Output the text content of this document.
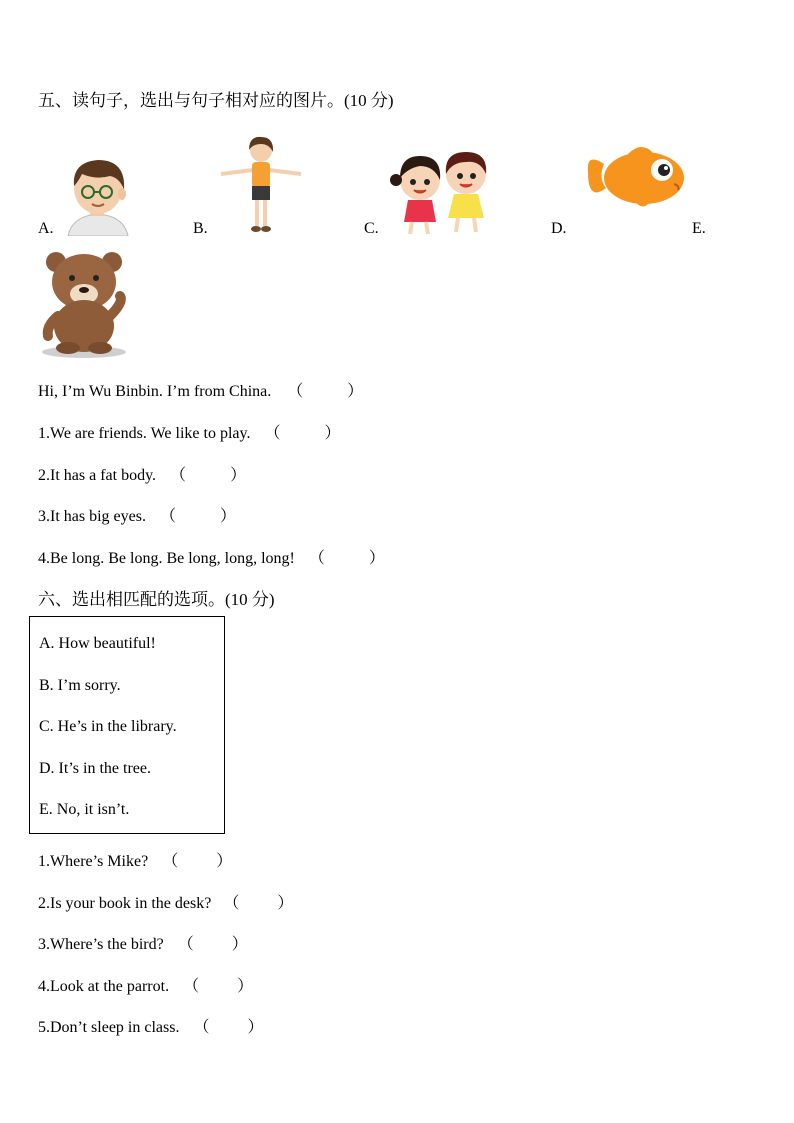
五、读句子，选出与句子相对应的图片。(10 分)
A.	B.	C.	D.	E.
Hi, I’m Wu Binbin. I’m from China. （	）
1.We are friends. We like to play. （	）
2.It has a fat body. （	）
3.It has big eyes. （	）
4.Be long. Be long. Be long, long, long! （	）
六、选出相匹配的选项。(10 分)
A. How beautiful!
B. I’m sorry.
C. He’s in the library.
D. It’s in the tree.
E. No, it isn’t.
1.Where’s Mike? （ ）
2.Is your book in the desk? （ ）
3.Where’s the bird? （ ）
4.Look at the parrot. （ ）
5.Don’t sleep in class. （ ）
